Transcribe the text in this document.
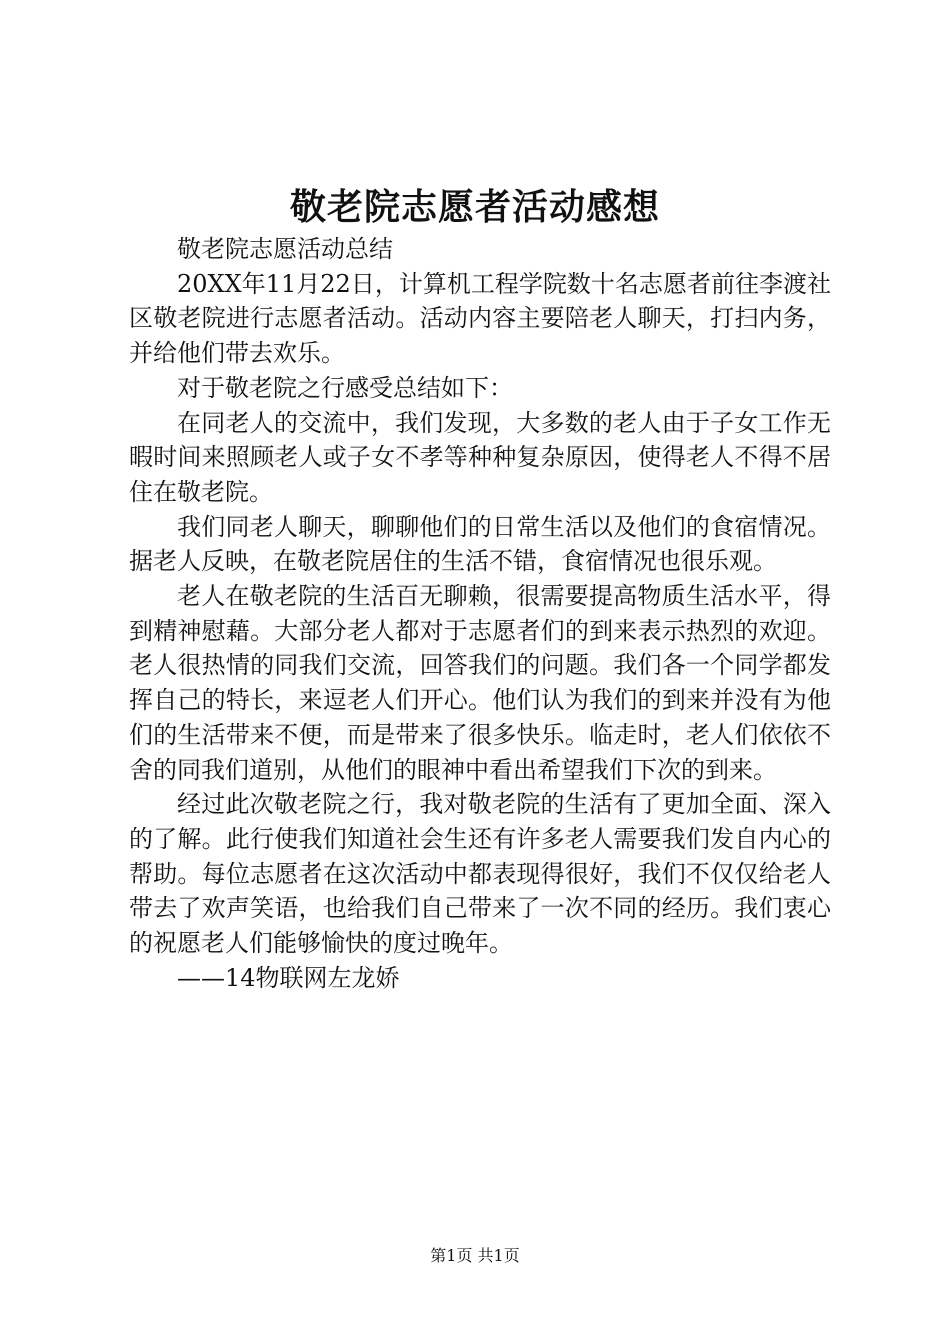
敬老院志愿者活动感想

敬老院志愿活动总结

20XX年11月22日，计算机工程学院数十名志愿者前往李渡社区敬老院进行志愿者活动。活动内容主要陪老人聊天，打扫内务，并给他们带去欢乐。

对于敬老院之行感受总结如下：

在同老人的交流中，我们发现，大多数的老人由于子女工作无暇时间来照顾老人或子女不孝等种种复杂原因，使得老人不得不居住在敬老院。

我们同老人聊天，聊聊他们的日常生活以及他们的食宿情况。据老人反映，在敬老院居住的生活不错，食宿情况也很乐观。

老人在敬老院的生活百无聊赖，很需要提高物质生活水平，得到精神慰藉。大部分老人都对于志愿者们的到来表示热烈的欢迎。老人很热情的同我们交流，回答我们的问题。我们各一个同学都发挥自己的特长，来逗老人们开心。他们认为我们的到来并没有为他们的生活带来不便，而是带来了很多快乐。临走时，老人们依依不舍的同我们道别，从他们的眼神中看出希望我们下次的到来。

经过此次敬老院之行，我对敬老院的生活有了更加全面、深入的了解。此行使我们知道社会生还有许多老人需要我们发自内心的帮助。每位志愿者在这次活动中都表现得很好，我们不仅仅给老人带去了欢声笑语，也给我们自己带来了一次不同的经历。我们衷心的祝愿老人们能够愉快的度过晚年。

——14物联网左龙娇

第1页 共1页
